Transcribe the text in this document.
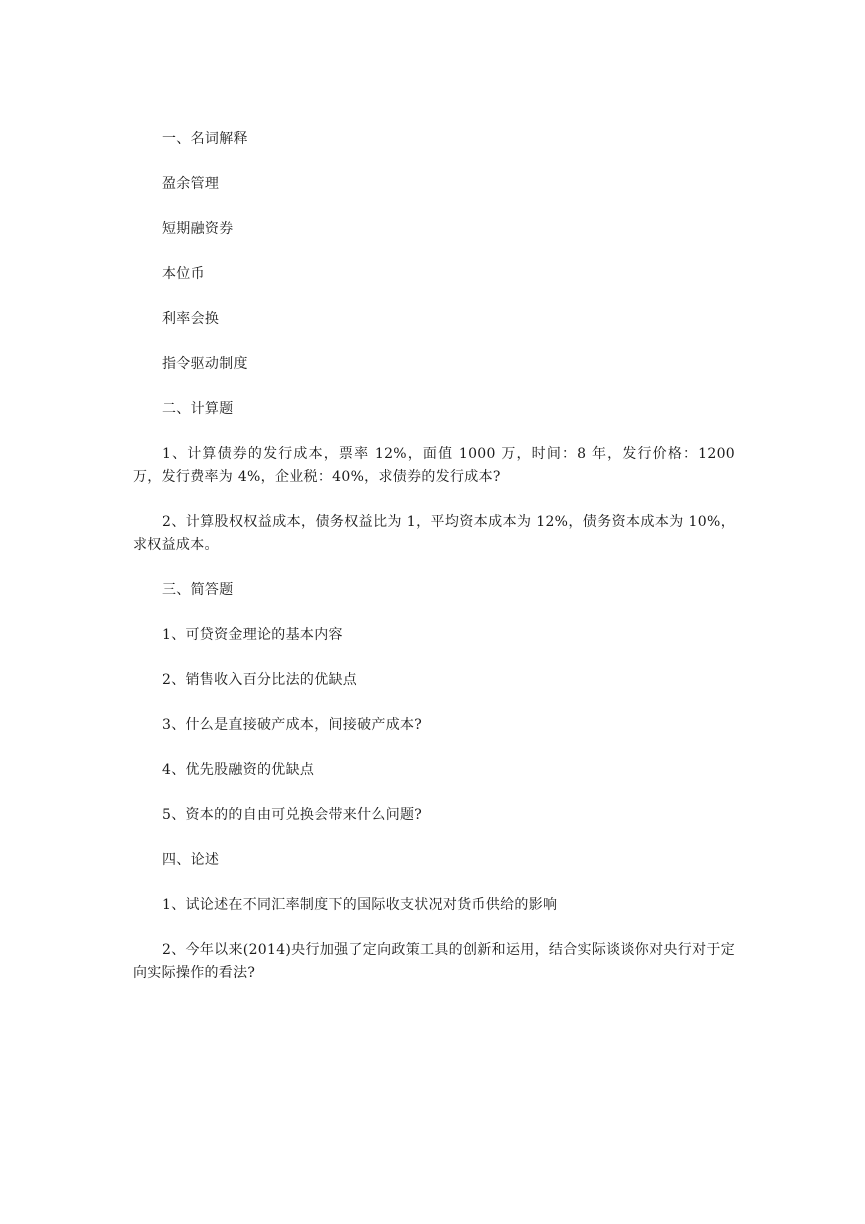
一、名词解释

盈余管理

短期融资券

本位币

利率会换

指令驱动制度

二、计算题

1、计算债券的发行成本，票率 12%，面值 1000 万，时间：8 年，发行价格：1200 万，发行费率为 4%，企业税：40%，求债券的发行成本?

2、计算股权权益成本，债务权益比为 1，平均资本成本为 12%，债务资本成本为 10%，求权益成本。

三、简答题

1、可贷资金理论的基本内容

2、销售收入百分比法的优缺点

3、什么是直接破产成本，间接破产成本?

4、优先股融资的优缺点

5、资本的的自由可兑换会带来什么问题?

四、论述

1、试论述在不同汇率制度下的国际收支状况对货币供给的影响

2、今年以来(2014)央行加强了定向政策工具的创新和运用，结合实际谈谈你对央行对于定向实际操作的看法?
